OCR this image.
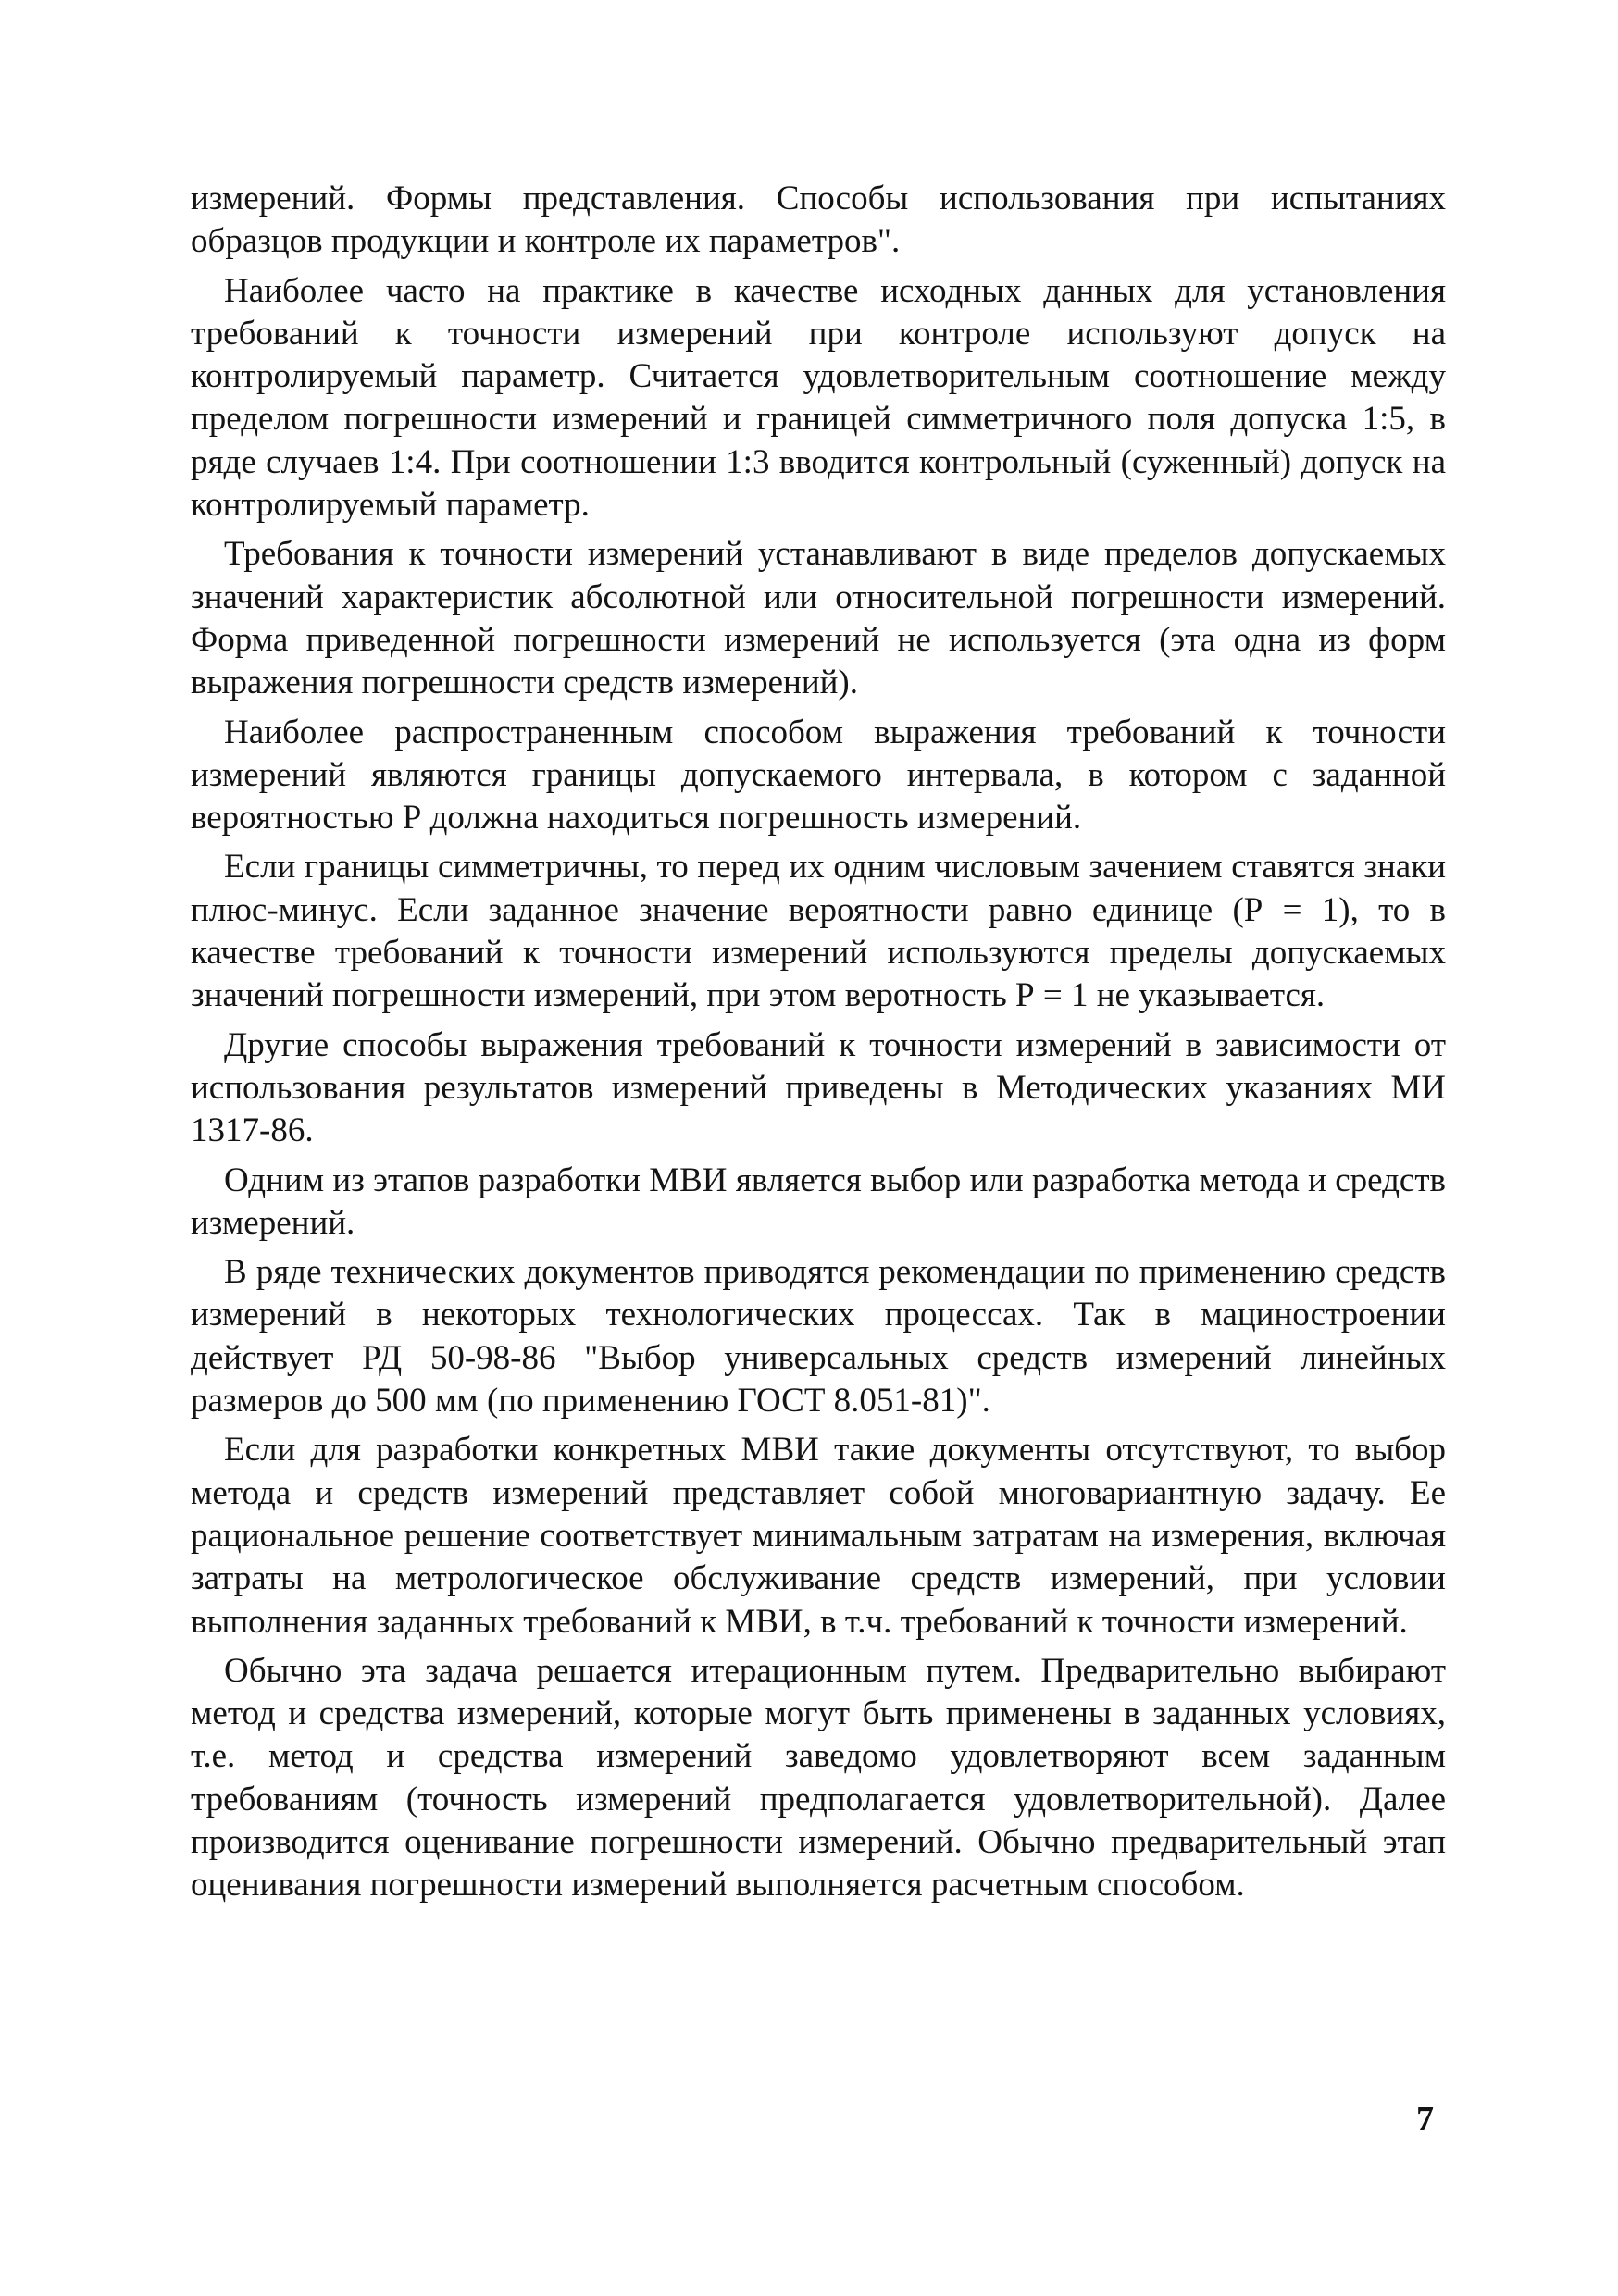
измерений. Формы представления. Способы использования при испытаниях образцов продукции и контроле их параметров".

Наиболее часто на практике в качестве исходных данных для установления требований к точности измерений при контроле используют допуск на контролируемый параметр. Считается удовлетворительным соотношение между пределом погрешности измерений и границей симметричного поля допуска 1:5, в ряде случаев 1:4. При соотношении 1:3 вводится контрольный (суженный) допуск на контролируемый параметр.

Требования к точности измерений устанавливают в виде пределов допускаемых значений характеристик абсолютной или относительной погрешности измерений. Форма приведенной погрешности измерений не используется (эта одна из форм выражения погрешности средств измерений).

Наиболее распространенным способом выражения требований к точности измерений являются границы допускаемого интервала, в котором с заданной вероятностью Р должна находиться погрешность измерений.

Если границы симметричны, то перед их одним числовым зачением ставятся знаки плюс-минус. Если заданное значение вероятности равно единице (Р = 1), то в качестве требований к точности измерений используются пределы допускаемых значений погрешности измерений, при этом веротность Р = 1 не указывается.

Другие способы выражения требований к точности измерений в зависимости от использования результатов измерений приведены в Методических указаниях МИ 1317-86.

Одним из этапов разработки МВИ является выбор или разработка метода и средств измерений.

В ряде технических документов приводятся рекомендации по применению средств измерений в некоторых технологических процессах. Так в мациностроении действует РД 50-98-86 "Выбор универсальных средств измерений линейных размеров до 500 мм (по применению ГОСТ 8.051-81)".

Если для разработки конкретных МВИ такие документы отсутствуют, то выбор метода и средств измерений представляет собой многовариантную задачу. Ее рациональное решение соответствует минимальным затратам на измерения, включая затраты на метрологическое обслуживание средств измерений, при условии выполнения заданных требований к МВИ, в т.ч. требований к точности измерений.

Обычно эта задача решается итерационным путем. Предварительно выбирают метод и средства измерений, которые могут быть применены в заданных условиях, т.е. метод и средства измерений заведомо удовлетворяют всем заданным требованиям (точность измерений предполагается удовлетворительной). Далее производится оценивание погрешности измерений. Обычно предварительный этап оценивания погрешности измерений выполняется расчетным способом.

7
